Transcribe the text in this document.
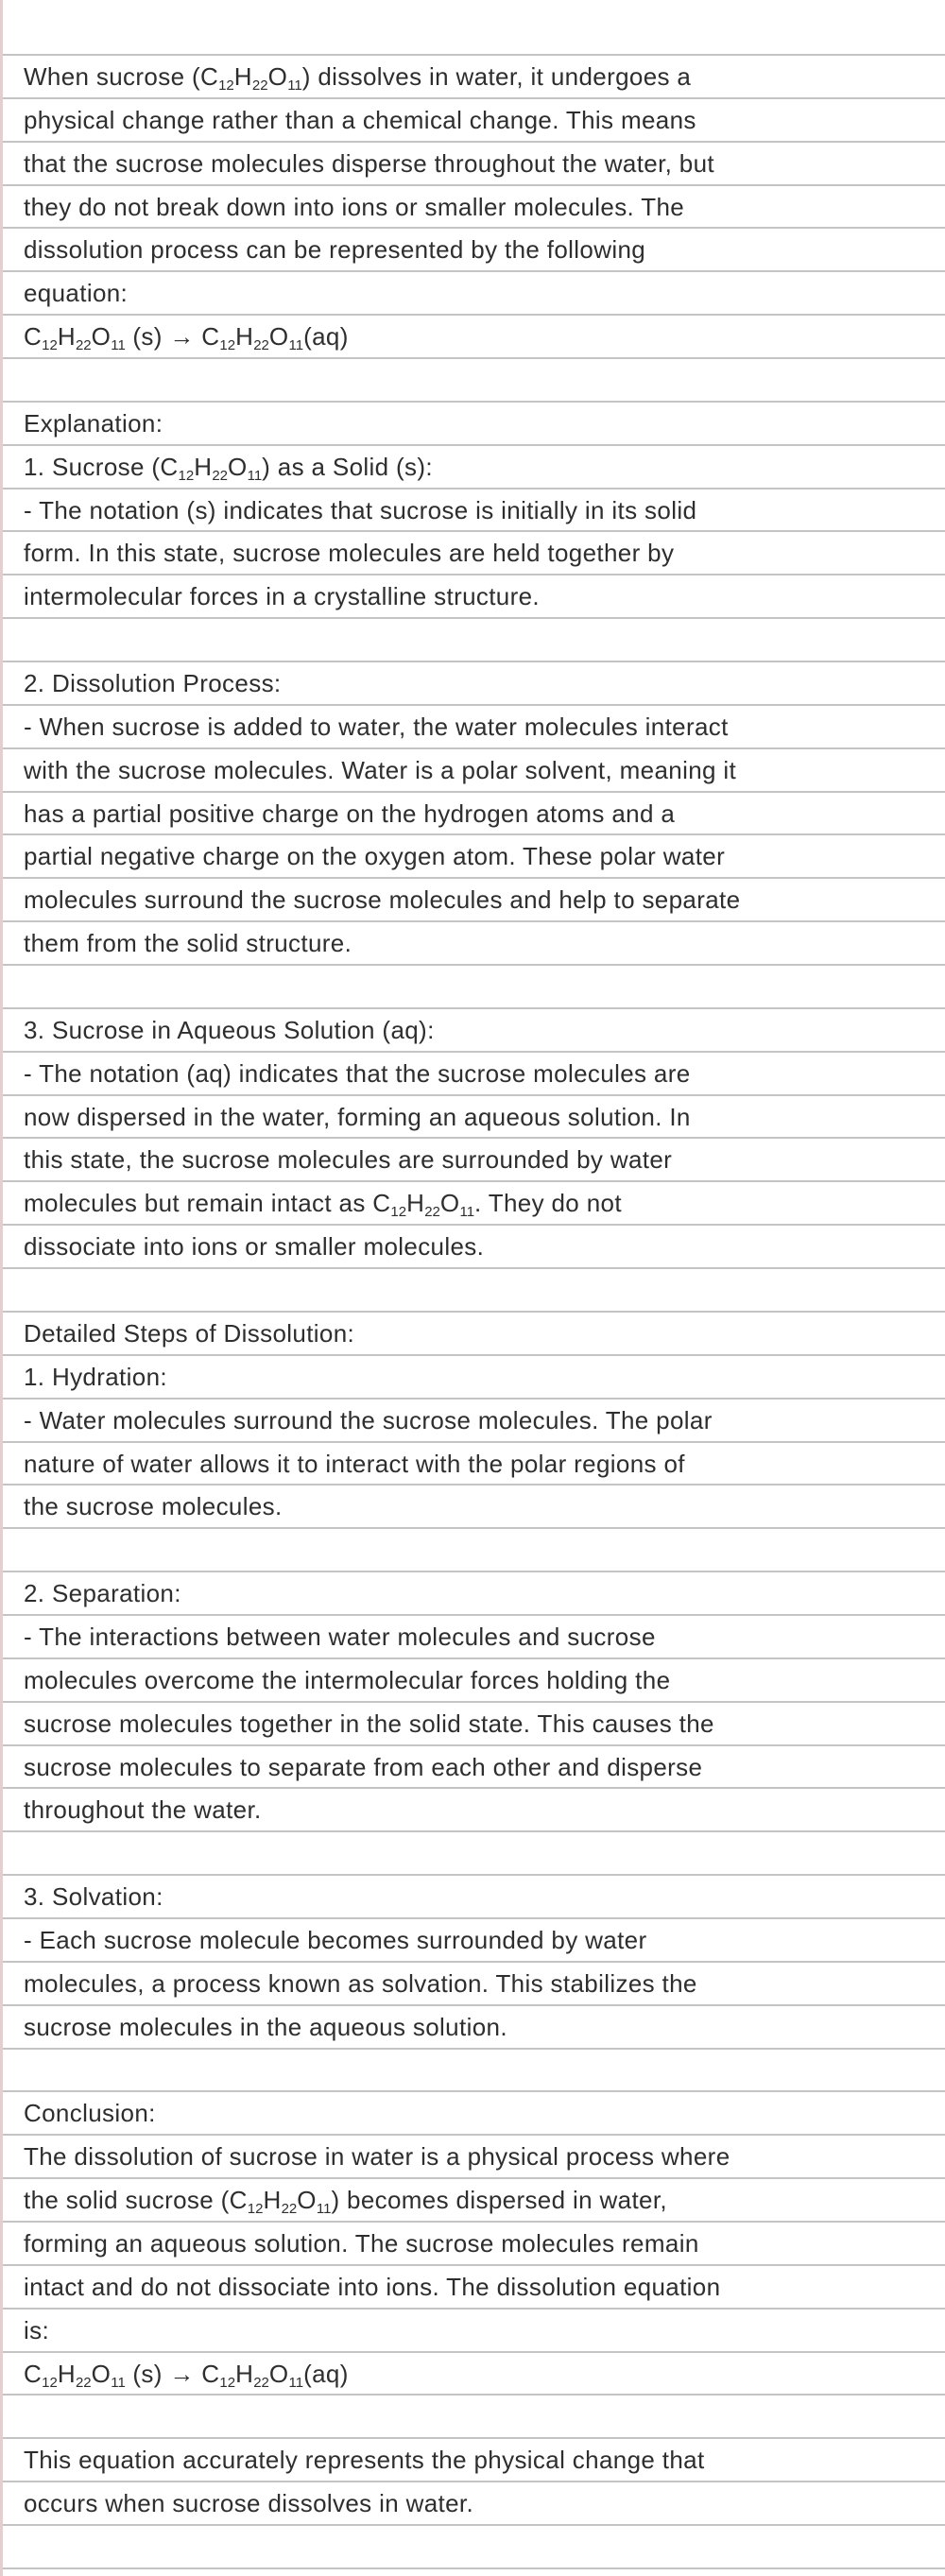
When sucrose $(C_{12}H_{22}O_{11})$ dissolves in water, it undergoes a
physical change rather than a chemical change. This means
that the sucrose molecules disperse throughout the water, but
they do not break down into ions or smaller molecules. The
dissolution process can be represented by the following
equation:
$C_{12}H_{22}O_{11}$ $(s) \to C_{12}H_{22}O_{11}(aq)$
Explanation:
1. Sucrose $(C_{12}H_{22}O_{11})$ as a Solid (s):
- The notation (s) indicates that sucrose is initially in its solid
form. In this state, sucrose molecules are held together by
intermolecular forces in a crystalline structure.
2. Dissolution Process:
- When sucrose is added to water, the water molecules interact
with the sucrose molecules. Water is a polar solvent, meaning it
has a partial positive charge on the hydrogen atoms and a
partial negative charge on the oxygen atom. These polar water
molecules surround the sucrose molecules and help to separate
them from the solid structure.
3. Sucrose in Aqueous Solution (aq):
- The notation (aq) indicates that the sucrose molecules are
now dispersed in the water, forming an aqueous solution. In
this state, the sucrose molecules are surrounded by water
molecules but remain intact as $C_{12}H_{22}O_{11}$. They do not
dissociate into ions or smaller molecules.
Detailed Steps of Dissolution:
1. Hydration:
- Water molecules surround the sucrose molecules. The polar
nature of water allows it to interact with the polar regions of
the sucrose molecules.
2. Separation:
- The interactions between water molecules and sucrose
molecules overcome the intermolecular forces holding the
sucrose molecules together in the solid state. This causes the
sucrose molecules to separate from each other and disperse
throughout the water.
3. Solvation:
- Each sucrose molecule becomes surrounded by water
molecules, a process known as solvation. This stabilizes the
sucrose molecules in the aqueous solution.
Conclusion:
The dissolution of sucrose in water is a physical process where
the solid sucrose $(C_{12}H_{22}O_{11})$ becomes dispersed in water,
forming an aqueous solution. The sucrose molecules remain
intact and do not dissociate into ions. The dissolution equation
is:
$C_{12}H_{22}O_{11}$ $(s) \to C_{12}H_{22}O_{11}(aq)$
This equation accurately represents the physical change that
occurs when sucrose dissolves in water.
